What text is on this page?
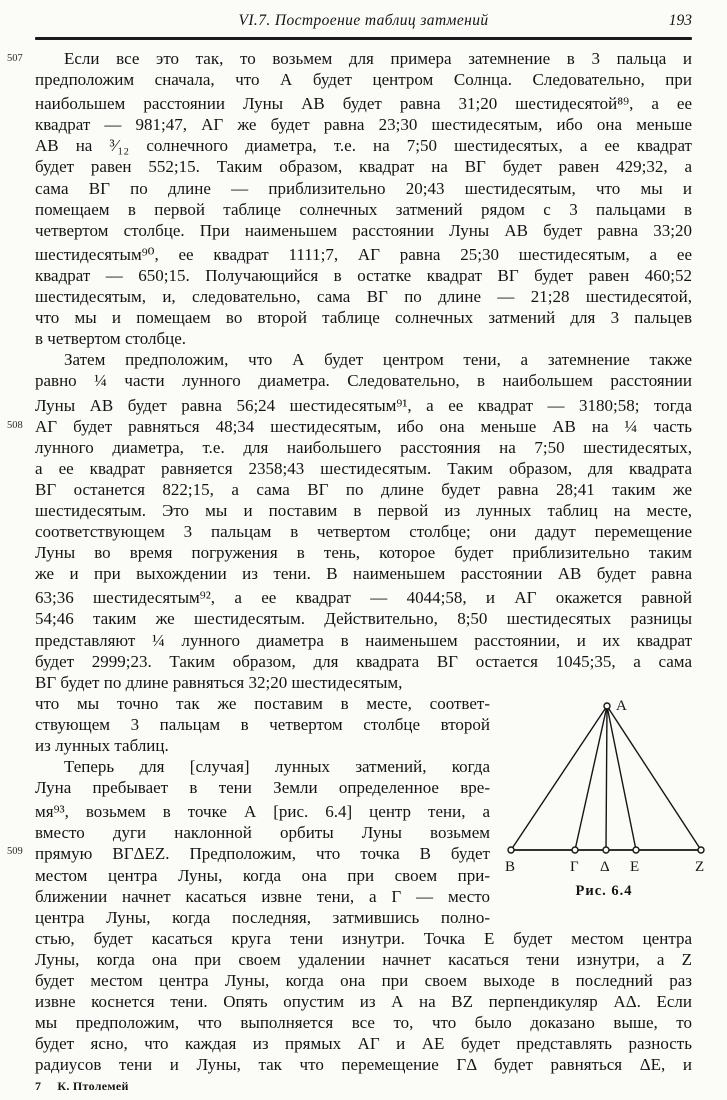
VI.7. Построение таблиц затмений	193
507
508
509
Если все это так, то возьмем для примера затемнение в 3 пальца и
предположим сначала, что А будет центром Солнца. Следовательно, при
наибольшем расстоянии Луны АВ будет равна 31;20 шестидесятой⁸⁹, а ее
квадрат — 981;47, АГ же будет равна 23;30 шестидесятым, ибо она меньше
АВ на ³⁄₁₂ солнечного диаметра, т.е. на 7;50 шестидесятых, а ее квадрат
будет равен 552;15. Таким образом, квадрат на ВГ будет равен 429;32, а
сама ВГ по длине — приблизительно 20;43 шестидесятым, что мы и
помещаем в первой таблице солнечных затмений рядом с 3 пальцами в
четвертом столбце. При наименьшем расстоянии Луны АВ будет равна 33;20
шестидесятым⁹⁰, ее квадрат 1111;7, АГ равна 25;30 шестидесятым, а ее
квадрат — 650;15. Получающийся в остатке квадрат ВГ будет равен 460;52
шестидесятым, и, следовательно, сама ВГ по длине — 21;28 шестидесятой,
что мы и помещаем во второй таблице солнечных затмений для 3 пальцев
в четвертом столбце.
Затем предположим, что А будет центром тени, а затемнение также
равно ¼ части лунного диаметра. Следовательно, в наибольшем расстоянии
Луны АВ будет равна 56;24 шестидесятым⁹¹, а ее квадрат — 3180;58; тогда
АГ будет равняться 48;34 шестидесятым, ибо она меньше АВ на ¼ часть
лунного диаметра, т.е. для наибольшего расстояния на 7;50 шестидесятых,
а ее квадрат равняется 2358;43 шестидесятым. Таким образом, для квадрата
ВГ останется 822;15, а сама ВГ по длине будет равна 28;41 таким же
шестидесятым. Это мы и поставим в первой из лунных таблиц на месте,
соответствующем 3 пальцам в четвертом столбце; они дадут перемещение
Луны во время погружения в тень, которое будет приблизительно таким
же и при выхождении из тени. В наименьшем расстоянии АВ будет равна
63;36 шестидесятым⁹², а ее квадрат — 4044;58, и АГ окажется равной
54;46 таким же шестидесятым. Действительно, 8;50 шестидесятых разницы
представляют ¼ лунного диаметра в наименьшем расстоянии, и их квадрат
будет 2999;23. Таким образом, для квадрата ВГ остается 1045;35, а сама
ВГ будет по длине равняться 32;20 шестидесятым,
что мы точно так же поставим в месте, соответ-
ствующем 3 пальцам в четвертом столбце второй
из лунных таблиц.
Теперь для [случая] лунных затмений, когда
Луна пребывает в тени Земли определенное вре-
мя⁹³, возьмем в точке А [рис. 6.4] центр тени, а
вместо дуги наклонной орбиты Луны возьмем
прямую ВГΔЕZ. Предположим, что точка В будет
местом центра Луны, когда она при своем при-
ближении начнет касаться извне тени, а Г — место
центра Луны, когда последняя, затмившись полно-
стью, будет касаться круга тени изнутри. Точка Е будет местом центра
Луны, когда она при своем удалении начнет касаться тени изнутри, а Z
будет местом центра Луны, когда она при своем выходе в последний раз
извне коснется тени. Опять опустим из А на ВZ перпендикуляр АΔ. Если
мы предположим, что выполняется все то, что было доказано выше, то
будет ясно, что каждая из прямых АГ и АЕ будет представлять разность
радиусов тени и Луны, так что перемещение ГΔ будет равняться ΔЕ, и
А
В	Г Δ Е	Z
Рис. 6.4
7 К. Птолемей
